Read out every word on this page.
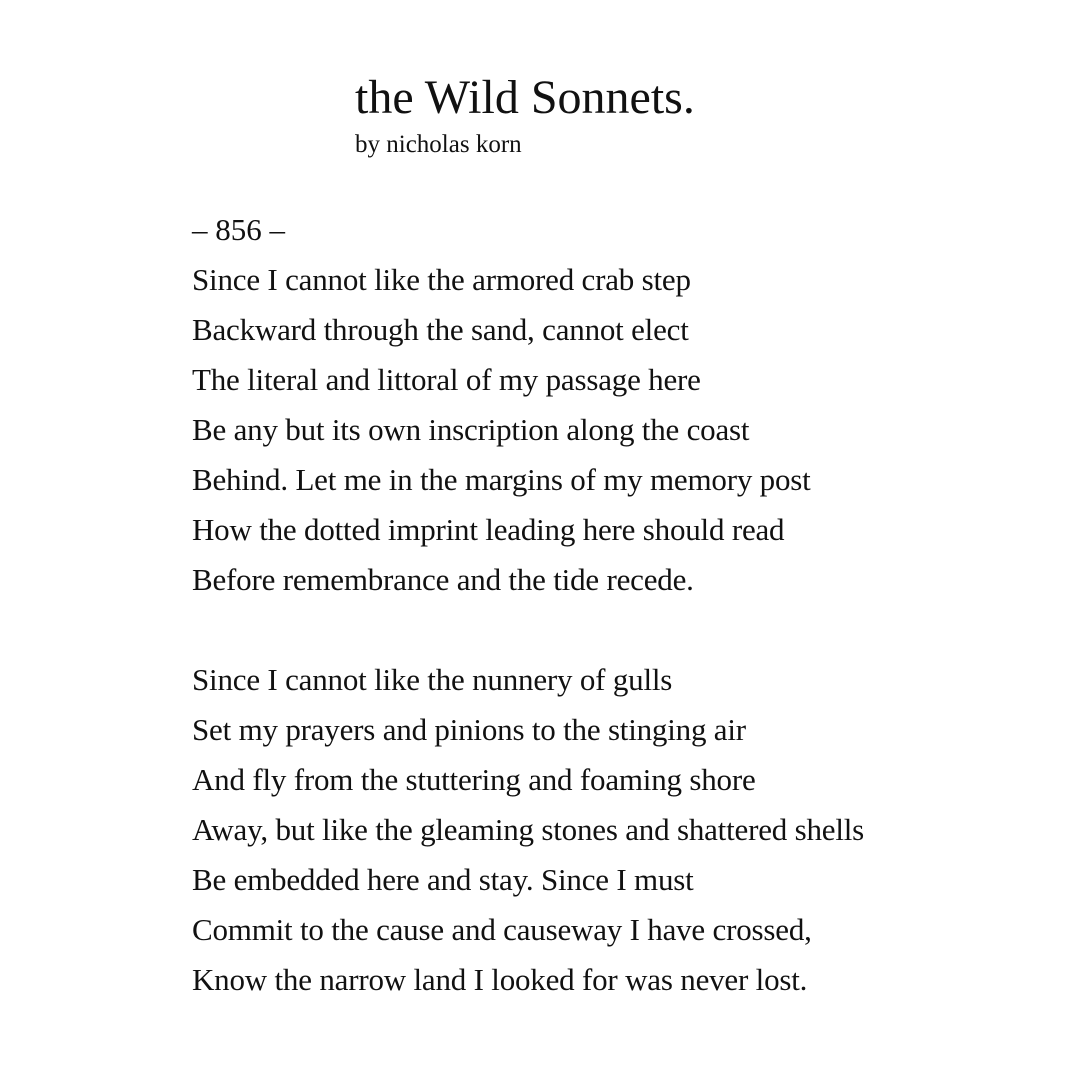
the Wild Sonnets.
by nicholas korn
– 856 –
Since I cannot like the armored crab step
Backward through the sand, cannot elect
The literal and littoral of my passage here
Be any but its own inscription along the coast
Behind. Let me in the margins of my memory post
How the dotted imprint leading here should read
Before remembrance and the tide recede.
Since I cannot like the nunnery of gulls
Set my prayers and pinions to the stinging air
And fly from the stuttering and foaming shore
Away, but like the gleaming stones and shattered shells
Be embedded here and stay. Since I must
Commit to the cause and causeway I have crossed,
Know the narrow land I looked for was never lost.
